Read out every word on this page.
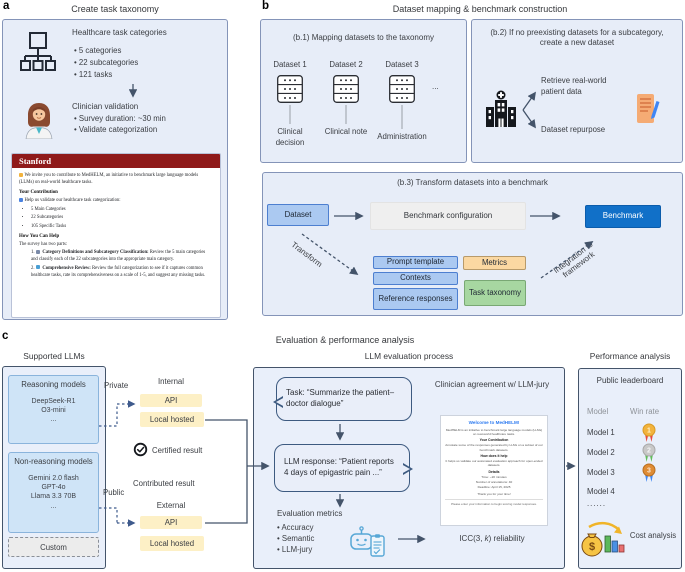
a	Create task taxonomy
Healthcare task categories
• 5 categories
• 22 subcategories
• 121 tasks
Clinician validation
• Survey duration: ~30 min
• Validate categorization
Stanford

We invite you to contribute to MedHELM, an initiative to benchmark large language models (LLMs) on real-world healthcare tasks.

Your Contribution

Help us validate our healthcare task categorization:

• 5 Main Categories
• 22 Subcategories
• 105 Specific Tasks
How You Can Help

The survey has two parts:

1. Category Definitions and Subcategory Classification: Review the 5 main categories and classify each of the 22 subcategories into the appropriate main category.
2. Comprehensive Review: Review the full categorization to see if it captures common healthcare tasks, rate its comprehensiveness on a scale of 1-5, and suggest any missing tasks.
b	Dataset mapping & benchmark construction
(b.1) Mapping datasets to the taxonomy
Dataset 1	Dataset 2	Dataset 3
...
Clinical decision
Clinical note
Administration
(b.2) If no preexisting datasets for a subcategory, create a new dataset
Retrieve real-world patient data
Dataset repurpose
(b.3) Transform datasets into a benchmark
Dataset	Benchmark configuration	Benchmark
Transform	Integration to framework
Prompt template
Contexts
Reference responses
Metrics
Task taxonomy
c	Evaluation & performance analysis
Supported LLMs	LLM evaluation process	Performance analysis
Reasoning models
DeepSeek-R1
O3-mini
...
Non-reasoning models
Gemini 2.0 flash
GPT-4o
Llama 3.3 70B
...
Custom
Private	Internal
API
Local hosted
Certified result
Contributed result
Public
External
API
Local hosted
Task: “Summarize the patient–doctor dialogue”
LLM response: “Patient reports 4 days of epigastric pain ...”
Evaluation metrics
• Accuracy
• Semantic
• LLM-jury
Clinician agreement w/ LLM-jury
Welcome to MedHELM!
MedHELM is an initiative to benchmark large language models (LLMs) on real-world healthcare tasks.
Your Contribution
Annotate some of the responses generated by LLMs on a subset of our benchmark datasets.
How does it help
It helps us validate our automated evaluation approach for open-ended datasets.
Details
Time: ~20 minutes
Number of annotations: 40
Deadline: April 15, 2025
Thank you for your time!
Please enter your information to begin scoring model responses.
ICC(3, k) reliability
Public leaderboard
Model	Win rate
Model 1
Model 2
Model 3
Model 4
......
1
2
3
$
Cost analysis
